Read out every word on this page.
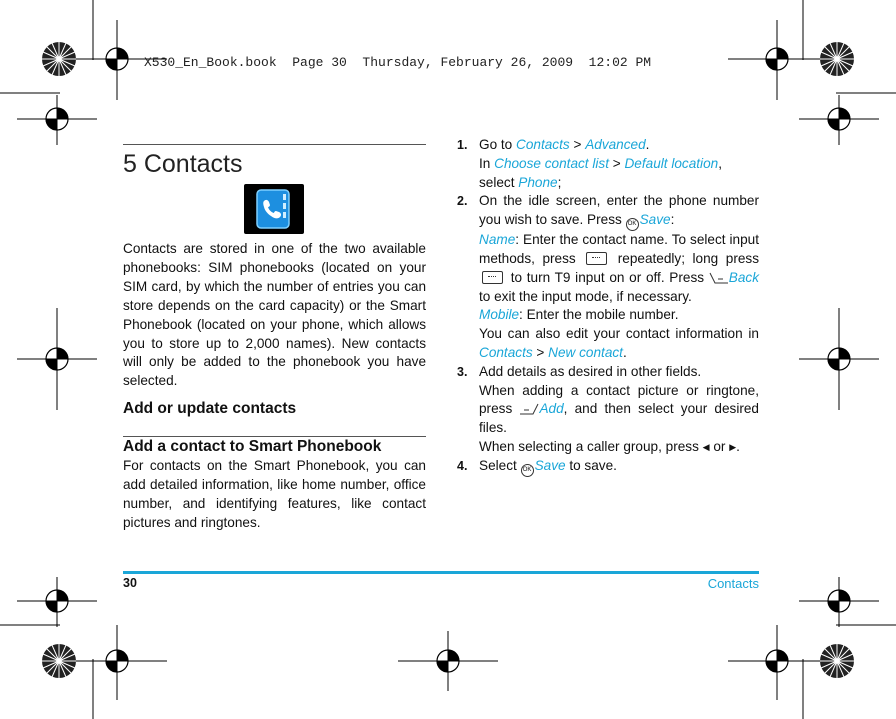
X530_En_Book.book  Page 30  Thursday, February 26, 2009  12:02 PM
5 Contacts

Contacts are stored in one of the two available phonebooks: SIM phonebooks (located on your SIM card, by which the number of entries you can store depends on the card capacity) or the Smart Phonebook (located on your phone, which allows you to store up to 2,000 names). New contacts will only be added to the phonebook you have selected.

Add or update contacts

Add a contact to Smart Phonebook

For contacts on the Smart Phonebook, you can add detailed information, like home number, office number, and identifying features, like contact pictures and ringtones.

1. Go to Contacts > Advanced.

In Choose contact list > Default location, select Phone;

2. On the idle screen, enter the phone number you wish to save. Press OK Save:

Name: Enter the contact name. To select input methods, press  repeatedly; long press  to turn T9 input on or off. Press Back to exit the input mode, if necessary.

Mobile: Enter the mobile number.

You can also edit your contact information in Contacts > New contact.

3. Add details as desired in other fields.

When adding a contact picture or ringtone, press Add, and then select your desired files.

When selecting a caller group, press ◀ or ▶.

4. Select OK Save to save.

30	Contacts
